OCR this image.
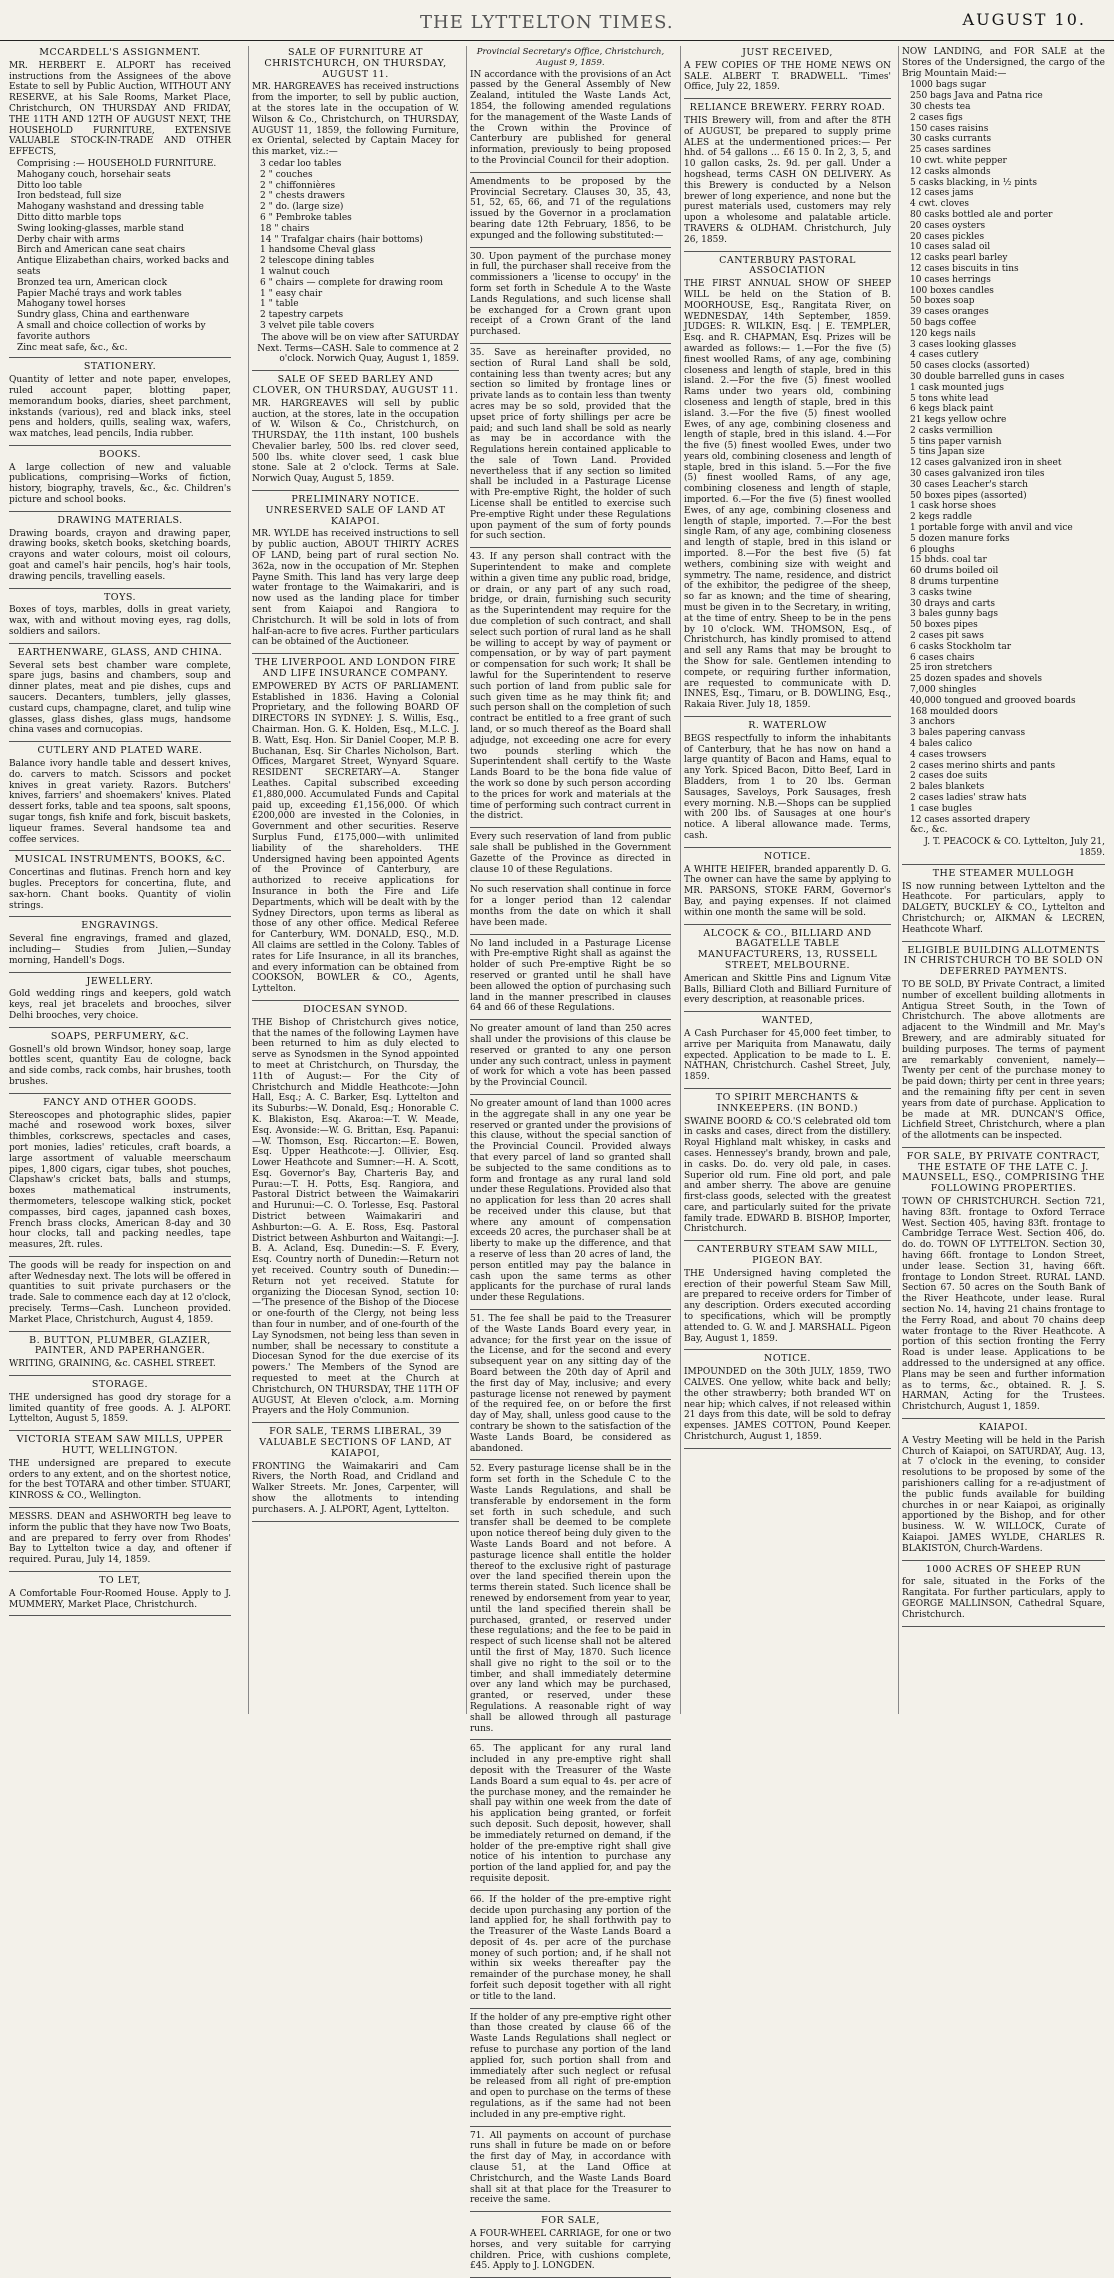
THE LYTTELTON TIMES.	AUGUST 10.
MCCARDELL'S ASSIGNMENT.
MR. HERBERT E. ALPORT has received instructions from the Assignees of the above Estate to sell by Public Auction, WITHOUT ANY RESERVE, at his Sale Rooms, Market Place, Christchurch, ON THURSDAY AND FRIDAY, THE 11TH AND 12TH OF AUGUST NEXT, THE HOUSEHOLD FURNITURE, EXTENSIVE VALUABLE STOCK-IN-TRADE AND OTHER EFFECTS,
Comprising :— HOUSEHOLD FURNITURE.
Mahogany couch, horsehair seats
Ditto loo table
Iron bedstead, full size
Mahogany washstand and dressing table
Ditto ditto marble tops
Swing looking-glasses, marble stand
Derby chair with arms
Birch and American cane seat chairs
Antique Elizabethan chairs, worked backs and seats
Bronzed tea urn, American clock
Papier Maché trays and work tables
Mahogany towel horses
Sundry glass, China and earthenware
A small and choice collection of works by favorite authors
Zinc meat safe, &c., &c.
STATIONERY.
Quantity of letter and note paper, envelopes, ruled account paper, blotting paper, memorandum books, diaries, sheet parchment, inkstands (various), red and black inks, steel pens and holders, quills, sealing wax, wafers, wax matches, lead pencils, India rubber.
BOOKS.
A large collection of new and valuable publications, comprising—Works of fiction, history, biography, travels, &c., &c. Children's picture and school books.
DRAWING MATERIALS.
Drawing boards, crayon and drawing paper, drawing books, sketch books, sketching boards, crayons and water colours, moist oil colours, goat and camel's hair pencils, hog's hair tools, drawing pencils, travelling easels.
TOYS.
Boxes of toys, marbles, dolls in great variety, wax, with and without moving eyes, rag dolls, soldiers and sailors.
EARTHENWARE, GLASS, AND CHINA.
Several sets best chamber ware complete, spare jugs, basins and chambers, soup and dinner plates, meat and pie dishes, cups and saucers. Decanters, tumblers, jelly glasses, custard cups, champagne, claret, and tulip wine glasses, glass dishes, glass mugs, handsome china vases and cornucopias.
CUTLERY AND PLATED WARE.
Balance ivory handle table and dessert knives, do. carvers to match. Scissors and pocket knives in great variety. Razors. Butchers' knives, farriers' and shoemakers' knives. Plated dessert forks, table and tea spoons, salt spoons, sugar tongs, fish knife and fork, biscuit baskets, liqueur frames. Several handsome tea and coffee services.
MUSICAL INSTRUMENTS, BOOKS, &C.
Concertinas and flutinas. French horn and key bugles. Preceptors for concertina, flute, and sax-horn. Chant books. Quantity of violin strings.
ENGRAVINGS.
Several fine engravings, framed and glazed, including— Studies from Julien,—Sunday morning, Handell's Dogs.
JEWELLERY.
Gold wedding rings and keepers, gold watch keys, real jet bracelets and brooches, silver Delhi brooches, very choice.
SOAPS, PERFUMERY, &C.
Gosnell's old brown Windsor, honey soap, large bottles scent, quantity Eau de cologne, back and side combs, rack combs, hair brushes, tooth brushes.
FANCY AND OTHER GOODS.
Stereoscopes and photographic slides, papier maché and rosewood work boxes, silver thimbles, corkscrews, spectacles and cases, port monies, ladies' reticules, craft boards, a large assortment of valuable meerschaum pipes, 1,800 cigars, cigar tubes, shot pouches, Clapshaw's cricket bats, balls and stumps, boxes mathematical instruments, thermometers, telescope walking stick, pocket compasses, bird cages, japanned cash boxes, French brass clocks, American 8-day and 30 hour clocks, tall and packing needles, tape measures, 2ft. rules.
The goods will be ready for inspection on and after Wednesday next. The lots will be offered in quantities to suit private purchasers or the trade. Sale to commence each day at 12 o'clock, precisely. Terms—Cash. Luncheon provided. Market Place, Christchurch, August 4, 1859.
B. BUTTON, PLUMBER, GLAZIER, PAINTER, AND PAPERHANGER.
WRITING, GRAINING, &c. CASHEL STREET.
STORAGE.
THE undersigned has good dry storage for a limited quantity of free goods. A. J. ALPORT. Lyttelton, August 5, 1859.
VICTORIA STEAM SAW MILLS, UPPER HUTT, WELLINGTON.
THE undersigned are prepared to execute orders to any extent, and on the shortest notice, for the best TOTARA and other timber. STUART, KINROSS & CO., Wellington.
MESSRS. DEAN and ASHWORTH beg leave to inform the public that they have now Two Boats, and are prepared to ferry over from Rhodes' Bay to Lyttelton twice a day, and oftener if required. Purau, July 14, 1859.
TO LET,
A Comfortable Four-Roomed House. Apply to J. MUMMERY, Market Place, Christchurch.
SALE OF FURNITURE AT CHRISTCHURCH, ON THURSDAY, AUGUST 11.
MR. HARGREAVES has received instructions from the importer, to sell by public auction, at the stores late in the occupation of W. Wilson & Co., Christchurch, on THURSDAY, AUGUST 11, 1859, the following Furniture, ex Oriental, selected by Captain Macey for this market, viz.:—
3 cedar loo tables
2 " couches
2 " chiffonnières
2 " chests drawers
2 " do. (large size)
6 " Pembroke tables
18 " chairs
14 " Trafalgar chairs (hair bottoms)
1 handsome Cheval glass
2 telescope dining tables
1 walnut couch
6 " chairs — complete for drawing room
1 " easy chair
1 " table
2 tapestry carpets
3 velvet pile table covers
The above will be on view after SATURDAY Next. Terms—CASH. Sale to commence at 2 o'clock. Norwich Quay, August 1, 1859.
SALE OF SEED BARLEY AND CLOVER, ON THURSDAY, AUGUST 11.
MR. HARGREAVES will sell by public auction, at the stores, late in the occupation of W. Wilson & Co., Christchurch, on THURSDAY, the 11th instant, 100 bushels Chevalier barley, 500 lbs. red clover seed, 500 lbs. white clover seed, 1 cask blue stone. Sale at 2 o'clock. Terms at Sale. Norwich Quay, August 5, 1859.
PRELIMINARY NOTICE. UNRESERVED SALE OF LAND AT KAIAPOI.
MR. WYLDE has received instructions to sell by public auction, ABOUT THIRTY ACRES OF LAND, being part of rural section No. 362a, now in the occupation of Mr. Stephen Payne Smith. This land has very large deep water frontage to the Waimakariri, and is now used as the landing place for timber sent from Kaiapoi and Rangiora to Christchurch. It will be sold in lots of from half-an-acre to five acres. Further particulars can be obtained of the Auctioneer.
THE LIVERPOOL AND LONDON FIRE AND LIFE INSURANCE COMPANY.
EMPOWERED BY ACTS OF PARLIAMENT. Established in 1836. Having a Colonial Proprietary, and the following BOARD OF DIRECTORS IN SYDNEY: J. S. Willis, Esq., Chairman. Hon. G. K. Holden, Esq., M.L.C. J. B. Watt, Esq. Hon. Sir Daniel Cooper, M.P. B. Buchanan, Esq. Sir Charles Nicholson, Bart. Offices, Margaret Street, Wynyard Square. RESIDENT SECRETARY—A. Stanger Leathes. Capital subscribed exceeding £1,880,000. Accumulated Funds and Capital paid up, exceeding £1,156,000. Of which £200,000 are invested in the Colonies, in Government and other securities. Reserve Surplus Fund, £175,000—with unlimited liability of the shareholders. THE Undersigned having been appointed Agents of the Province of Canterbury, are authorized to receive applications for Insurance in both the Fire and Life Departments, which will be dealt with by the Sydney Directors, upon terms as liberal as those of any other office. Medical Referee for Canterbury, WM. DONALD, ESQ., M.D. All claims are settled in the Colony. Tables of rates for Life Insurance, in all its branches, and every information can be obtained from COOKSON, BOWLER & CO., Agents, Lyttelton.
DIOCESAN SYNOD.
THE Bishop of Christchurch gives notice, that the names of the following Laymen have been returned to him as duly elected to serve as Synodsmen in the Synod appointed to meet at Christchurch, on Thursday, the 11th of August:— For the City of Christchurch and Middle Heathcote:—John Hall, Esq.; A. C. Barker, Esq. Lyttelton and its Suburbs:—W. Donald, Esq.; Honorable C. K. Blakiston, Esq. Akaroa:—T. W. Meade, Esq. Avonside:—W. G. Brittan, Esq. Papanui:—W. Thomson, Esq. Riccarton:—E. Bowen, Esq. Upper Heathcote:—J. Ollivier, Esq. Lower Heathcote and Sumner:—H. A. Scott, Esq. Governor's Bay, Charteris Bay, and Purau:—T. H. Potts, Esq. Rangiora, and Pastoral District between the Waimakariri and Hurunui:—C. O. Torlesse, Esq. Pastoral District between Waimakariri and Ashburton:—G. A. E. Ross, Esq. Pastoral District between Ashburton and Waitangi:—J. B. A. Acland, Esq. Dunedin:—S. F. Every, Esq. Country north of Dunedin:—Return not yet received. Country south of Dunedin:—Return not yet received. Statute for organizing the Diocesan Synod, section 10:—'The presence of the Bishop of the Diocese or one-fourth of the Clergy, not being less than four in number, and of one-fourth of the Lay Synodsmen, not being less than seven in number, shall be necessary to constitute a Diocesan Synod for the due exercise of its powers.' The Members of the Synod are requested to meet at the Church at Christchurch, ON THURSDAY, THE 11TH OF AUGUST, At Eleven o'clock, a.m. Morning Prayers and the Holy Communion.
FOR SALE, TERMS LIBERAL, 39 VALUABLE SECTIONS OF LAND, AT KAIAPOI,
FRONTING the Waimakariri and Cam Rivers, the North Road, and Cridland and Walker Streets. Mr. Jones, Carpenter, will show the allotments to intending purchasers. A. J. ALPORT, Agent, Lyttelton.
Provincial Secretary's Office, Christchurch, August 9, 1859.
IN accordance with the provisions of an Act passed by the General Assembly of New Zealand, intituled the Waste Lands Act, 1854, the following amended regulations for the management of the Waste Lands of the Crown within the Province of Canterbury are published for general information, previously to being proposed to the Provincial Council for their adoption.
Amendments to be proposed by the Provincial Secretary. Clauses 30, 35, 43, 51, 52, 65, 66, and 71 of the regulations issued by the Governor in a proclamation bearing date 12th February, 1856, to be expunged and the following substituted:—
30. Upon payment of the purchase money in full, the purchaser shall receive from the commissioners a 'license to occupy' in the form set forth in Schedule A to the Waste Lands Regulations, and such license shall be exchanged for a Crown grant upon receipt of a Crown Grant of the land purchased.
35. Save as hereinafter provided, no section of Rural Land shall be sold, containing less than twenty acres; but any section so limited by frontage lines or private lands as to contain less than twenty acres may be so sold, provided that the upset price of forty shillings per acre be paid; and such land shall be sold as nearly as may be in accordance with the Regulations herein contained applicable to the sale of Town Land. Provided nevertheless that if any section so limited shall be included in a Pasturage License with Pre-emptive Right, the holder of such License shall be entitled to exercise such Pre-emptive Right under these Regulations upon payment of the sum of forty pounds for such section.
43. If any person shall contract with the Superintendent to make and complete within a given time any public road, bridge, or drain, or any part of any such road, bridge, or drain, furnishing such security as the Superintendent may require for the due completion of such contract, and shall select such portion of rural land as he shall be willing to accept by way of payment or compensation, or by way of part payment or compensation for such work; It shall be lawful for the Superintendent to reserve such portion of land from public sale for such given time as he may think fit; and such person shall on the completion of such contract be entitled to a free grant of such land, or so much thereof as the Board shall adjudge, not exceeding one acre for every two pounds sterling which the Superintendent shall certify to the Waste Lands Board to be the bona fide value of the work so done by such person according to the prices for work and materials at the time of performing such contract current in the district.
Every such reservation of land from public sale shall be published in the Government Gazette of the Province as directed in clause 10 of these Regulations.
No such reservation shall continue in force for a longer period than 12 calendar months from the date on which it shall have been made.
No land included in a Pasturage License with Pre-emptive Right shall as against the holder of such Pre-emptive Right be so reserved or granted until he shall have been allowed the option of purchasing such land in the manner prescribed in clauses 64 and 66 of these Regulations.
No greater amount of land than 250 acres shall under the provisions of this clause be reserved or granted to any one person under any such contract, unless in payment of work for which a vote has been passed by the Provincial Council.
No greater amount of land than 1000 acres in the aggregate shall in any one year be reserved or granted under the provisions of this clause, without the special sanction of the Provincial Council. Provided always that every parcel of land so granted shall be subjected to the same conditions as to form and frontage as any rural land sold under these Regulations. Provided also that no application for less than 20 acres shall be received under this clause, but that where any amount of compensation exceeds 20 acres, the purchaser shall be at liberty to make up the difference, and that a reserve of less than 20 acres of land, the person entitled may pay the balance in cash upon the same terms as other applicants for the purchase of rural lands under these Regulations.
51. The fee shall be paid to the Treasurer of the Waste Lands Board every year, in advance; for the first year on the issue of the License, and for the second and every subsequent year on any sitting day of the Board between the 20th day of April and the first day of May, inclusive; and every pasturage license not renewed by payment of the required fee, on or before the first day of May, shall, unless good cause to the contrary be shown to the satisfaction of the Waste Lands Board, be considered as abandoned.
52. Every pasturage license shall be in the form set forth in the Schedule C to the Waste Lands Regulations, and shall be transferable by endorsement in the form set forth in such schedule, and such transfer shall be deemed to be complete upon notice thereof being duly given to the Waste Lands Board and not before. A pasturage licence shall entitle the holder thereof to the exclusive right of pasturage over the land specified therein upon the terms therein stated. Such licence shall be renewed by endorsement from year to year, until the land specified therein shall be purchased, granted, or reserved under these regulations; and the fee to be paid in respect of such license shall not be altered until the first of May, 1870. Such licence shall give no right to the soil or to the timber, and shall immediately determine over any land which may be purchased, granted, or reserved, under these Regulations. A reasonable right of way shall be allowed through all pasturage runs.
65. The applicant for any rural land included in any pre-emptive right shall deposit with the Treasurer of the Waste Lands Board a sum equal to 4s. per acre of the purchase money, and the remainder he shall pay within one week from the date of his application being granted, or forfeit such deposit. Such deposit, however, shall be immediately returned on demand, if the holder of the pre-emptive right shall give notice of his intention to purchase any portion of the land applied for, and pay the requisite deposit.
66. If the holder of the pre-emptive right decide upon purchasing any portion of the land applied for, he shall forthwith pay to the Treasurer of the Waste Lands Board a deposit of 4s. per acre of the purchase money of such portion; and, if he shall not within six weeks thereafter pay the remainder of the purchase money, he shall forfeit such deposit together with all right or title to the land.
If the holder of any pre-emptive right other than those created by clause 66 of the Waste Lands Regulations shall neglect or refuse to purchase any portion of the land applied for, such portion shall from and immediately after such neglect or refusal be released from all right of pre-emption and open to purchase on the terms of these regulations, as if the same had not been included in any pre-emptive right.
71. All payments on account of purchase runs shall in future be made on or before the first day of May, in accordance with clause 51, at the Land Office at Christchurch, and the Waste Lands Board shall sit at that place for the Treasurer to receive the same.
FOR SALE,
A FOUR-WHEEL CARRIAGE, for one or two horses, and very suitable for carrying children. Price, with cushions complete, £45. Apply to J. LONGDEN.
JUST RECEIVED,
A FEW COPIES OF THE HOME NEWS ON SALE. ALBERT T. BRADWELL. 'Times' Office, July 22, 1859.
RELIANCE BREWERY. FERRY ROAD.
THIS Brewery will, from and after the 8TH of AUGUST, be prepared to supply prime ALES at the undermentioned prices:— Per hhd. of 54 gallons ... £6 15 0. In 2, 3, 5, and 10 gallon casks, 2s. 9d. per gall. Under a hogshead, terms CASH ON DELIVERY. As this Brewery is conducted by a Nelson brewer of long experience, and none but the purest materials used, customers may rely upon a wholesome and palatable article. TRAVERS & OLDHAM. Christchurch, July 26, 1859.
CANTERBURY PASTORAL ASSOCIATION
THE FIRST ANNUAL SHOW OF SHEEP WILL be held on the Station of B. MOORHOUSE, Esq., Rangitata River, on WEDNESDAY, 14th September, 1859. JUDGES: R. WILKIN, Esq. | E. TEMPLER, Esq. and R. CHAPMAN, Esq. Prizes will be awarded as follows:— 1.—For the five (5) finest woolled Rams, of any age, combining closeness and length of staple, bred in this island. 2.—For the five (5) finest woolled Rams under two years old, combining closeness and length of staple, bred in this island. 3.—For the five (5) finest woolled Ewes, of any age, combining closeness and length of staple, bred in this island. 4.—For the five (5) finest woolled Ewes, under two years old, combining closeness and length of staple, bred in this island. 5.—For the five (5) finest woolled Rams, of any age, combining closeness and length of staple, imported. 6.—For the five (5) finest woolled Ewes, of any age, combining closeness and length of staple, imported. 7.—For the best single Ram, of any age, combining closeness and length of staple, bred in this island or imported. 8.—For the best five (5) fat wethers, combining size with weight and symmetry. The name, residence, and district of the exhibitor, the pedigree of the sheep, so far as known; and the time of shearing, must be given in to the Secretary, in writing, at the time of entry. Sheep to be in the pens by 10 o'clock. WM. THOMSON, Esq., of Christchurch, has kindly promised to attend and sell any Rams that may be brought to the Show for sale. Gentlemen intending to compete, or requiring further information, are requested to communicate with D. INNES, Esq., Timaru, or B. DOWLING, Esq., Rakaia River. July 18, 1859.
R. WATERLOW
BEGS respectfully to inform the inhabitants of Canterbury, that he has now on hand a large quantity of Bacon and Hams, equal to any York. Spiced Bacon, Ditto Beef, Lard in Bladders, from 1 to 20 lbs. German Sausages, Saveloys, Pork Sausages, fresh every morning. N.B.—Shops can be supplied with 200 lbs. of Sausages at one hour's notice. A liberal allowance made. Terms, cash.
NOTICE.
A WHITE HEIFER, branded apparently D. G. The owner can have the same by applying to MR. PARSONS, STOKE FARM, Governor's Bay, and paying expenses. If not claimed within one month the same will be sold.
ALCOCK & CO., BILLIARD AND BAGATELLE TABLE MANUFACTURERS, 13, RUSSELL STREET, MELBOURNE.
American and Skittle Pins and Lignum Vitæ Balls, Billiard Cloth and Billiard Furniture of every description, at reasonable prices.
WANTED,
A Cash Purchaser for 45,000 feet timber, to arrive per Mariquita from Manawatu, daily expected. Application to be made to L. E. NATHAN, Christchurch. Cashel Street, July, 1859.
TO SPIRIT MERCHANTS & INNKEEPERS. (IN BOND.)
SWAINE BOORD & CO.'S celebrated old tom in casks and cases, direct from the distillery. Royal Highland malt whiskey, in casks and cases. Hennessey's brandy, brown and pale, in casks. Do. do. very old pale, in cases. Superior old rum. Fine old port, and pale and amber sherry. The above are genuine first-class goods, selected with the greatest care, and particularly suited for the private family trade. EDWARD B. BISHOP, Importer, Christchurch.
CANTERBURY STEAM SAW MILL, PIGEON BAY.
THE Undersigned having completed the erection of their powerful Steam Saw Mill, are prepared to receive orders for Timber of any description. Orders executed according to specifications, which will be promptly attended to. G. W. and J. MARSHALL. Pigeon Bay, August 1, 1859.
NOTICE.
IMPOUNDED on the 30th JULY, 1859, TWO CALVES. One yellow, white back and belly; the other strawberry; both branded WT on near hip; which calves, if not released within 21 days from this date, will be sold to defray expenses. JAMES COTTON, Pound Keeper. Christchurch, August 1, 1859.
NOW LANDING, and FOR SALE at the Stores of the Undersigned, the cargo of the Brig Mountain Maid:—
1000 bags sugar
250 bags Java and Patna rice
30 chests tea
2 cases figs
150 cases raisins
30 casks currants
25 cases sardines
10 cwt. white pepper
12 casks almonds
5 casks blacking, in ½ pints
12 cases jams
4 cwt. cloves
80 casks bottled ale and porter
20 cases oysters
20 cases pickles
10 cases salad oil
12 casks pearl barley
12 cases biscuits in tins
10 cases herrings
100 boxes candles
50 boxes soap
39 cases oranges
50 bags coffee
120 kegs nails
3 cases looking glasses
4 cases cutlery
50 cases clocks (assorted)
30 double barrelled guns in cases
1 cask mounted jugs
5 tons white lead
6 kegs black paint
21 kegs yellow ochre
2 casks vermillion
5 tins paper varnish
5 tins Japan size
12 cases galvanized iron in sheet
30 cases galvanized iron tiles
30 cases Leacher's starch
50 boxes pipes (assorted)
1 cask horse shoes
2 kegs raddle
1 portable forge with anvil and vice
5 dozen manure forks
6 ploughs
15 bhds. coal tar
60 drums boiled oil
8 drums turpentine
3 casks twine
30 drays and carts
3 bales gunny bags
50 boxes pipes
2 cases pit saws
6 casks Stockholm tar
6 cases chairs
25 iron stretchers
25 dozen spades and shovels
7,000 shingles
40,000 tongued and grooved boards
168 moulded doors
3 anchors
3 bales papering canvass
4 bales calico
4 cases trowsers
2 cases merino shirts and pants
2 cases doe suits
2 bales blankets
2 cases ladies' straw hats
1 case bugles
12 cases assorted drapery
&c., &c.
J. T. PEACOCK & CO. Lyttelton, July 21, 1859.
THE STEAMER MULLOGH
IS now running between Lyttelton and the Heathcote. For particulars, apply to DALGETY, BUCKLEY & CO., Lyttelton and Christchurch; or, AIKMAN & LECREN, Heathcote Wharf.
ELIGIBLE BUILDING ALLOTMENTS IN CHRISTCHURCH TO BE SOLD ON DEFERRED PAYMENTS.
TO BE SOLD, BY Private Contract, a limited number of excellent building allotments in Antigua Street South, in the Town of Christchurch. The above allotments are adjacent to the Windmill and Mr. May's Brewery, and are admirably situated for building purposes. The terms of payment are remarkably convenient, namely—Twenty per cent of the purchase money to be paid down; thirty per cent in three years; and the remaining fifty per cent in seven years from date of purchase. Application to be made at MR. DUNCAN'S Office, Lichfield Street, Christchurch, where a plan of the allotments can be inspected.
FOR SALE, BY PRIVATE CONTRACT, THE ESTATE OF THE LATE C. J. MAUNSELL, ESQ., COMPRISING THE FOLLOWING PROPERTIES.
TOWN OF CHRISTCHURCH. Section 721, having 83ft. frontage to Oxford Terrace West. Section 405, having 83ft. frontage to Cambridge Terrace West. Section 406, do. do. do. TOWN OF LYTTELTON. Section 30, having 66ft. frontage to London Street, under lease. Section 31, having 66ft. frontage to London Street. RURAL LAND. Section 67. 50 acres on the South Bank of the River Heathcote, under lease. Rural section No. 14, having 21 chains frontage to the Ferry Road, and about 70 chains deep water frontage to the River Heathcote. A portion of this section fronting the Ferry Road is under lease. Applications to be addressed to the undersigned at any office. Plans may be seen and further information as to terms, &c., obtained. R. J. S. HARMAN, Acting for the Trustees. Christchurch, August 1, 1859.
KAIAPOI.
A Vestry Meeting will be held in the Parish Church of Kaiapoi, on SATURDAY, Aug. 13, at 7 o'clock in the evening, to consider resolutions to be proposed by some of the parishioners calling for a re-adjustment of the public funds available for building churches in or near Kaiapoi, as originally apportioned by the Bishop, and for other business. W. W. WILLOCK, Curate of Kaiapoi. JAMES WYLDE, CHARLES R. BLAKISTON, Church-Wardens.
1000 ACRES OF SHEEP RUN
for sale, situated in the Forks of the Rangitata. For further particulars, apply to GEORGE MALLINSON, Cathedral Square, Christchurch.
